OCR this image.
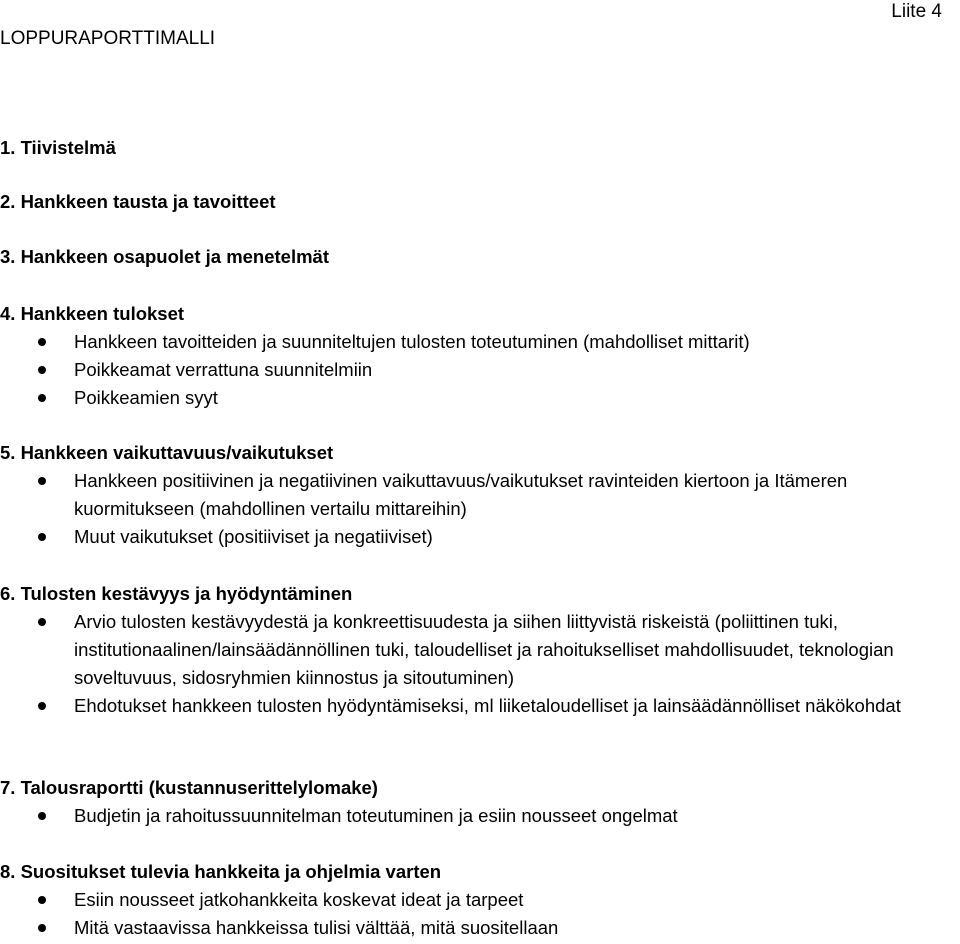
Liite 4
LOPPURAPORTTIMALLI

1. Tiivistelmä

2. Hankkeen tausta ja tavoitteet

3. Hankkeen osapuolet ja menetelmät

4. Hankkeen tulokset

Hankkeen tavoitteiden ja suunniteltujen tulosten toteutuminen (mahdolliset mittarit)
Poikkeamat verrattuna suunnitelmiin
Poikkeamien syyt

5. Hankkeen vaikuttavuus/vaikutukset

Hankkeen positiivinen ja negatiivinen vaikuttavuus/vaikutukset ravinteiden kiertoon ja Itämeren kuormitukseen (mahdollinen vertailu mittareihin)
Muut vaikutukset (positiiviset ja negatiiviset)

6. Tulosten kestävyys ja hyödyntäminen

Arvio tulosten kestävyydestä ja konkreettisuudesta ja siihen liittyvistä riskeistä (poliittinen tuki, institutionaalinen/lainsäädännöllinen tuki, taloudelliset ja rahoitukselliset mahdollisuudet, teknologian soveltuvuus, sidosryhmien kiinnostus ja sitoutuminen)
Ehdotukset hankkeen tulosten hyödyntämiseksi, ml liiketaloudelliset ja lainsäädännölliset näkökohdat

7. Talousraportti (kustannuserittelylomake)

Budjetin ja rahoitussuunnitelman toteutuminen ja esiin nousseet ongelmat

8. Suositukset tulevia hankkeita ja ohjelmia varten

Esiin nousseet jatkohankkeita koskevat ideat ja tarpeet
Mitä vastaavissa hankkeissa tulisi välttää, mitä suositellaan
